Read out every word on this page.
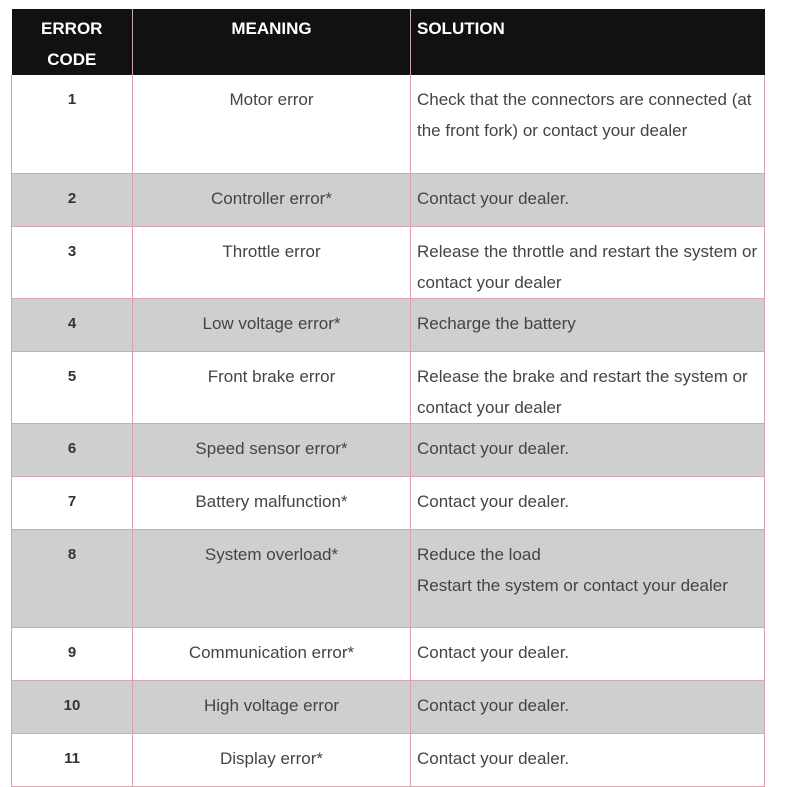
ERROR
CODE	MEANING	SOLUTION
1	Motor error	Check that the connectors are connected (at the front fork) or contact your dealer
2	Controller error*	Contact your dealer.
3	Throttle error	Release the throttle and restart the system or contact your dealer
4	Low voltage error*	Recharge the battery
5	Front brake error	Release the brake and restart the system or contact your dealer
6	Speed sensor error*	Contact your dealer.
7	Battery malfunction*	Contact your dealer.
8	System overload*	Reduce the load
Restart the system or contact your dealer
9	Communication error*	Contact your dealer.
10	High voltage error	Contact your dealer.
11	Display error*	Contact your dealer.
